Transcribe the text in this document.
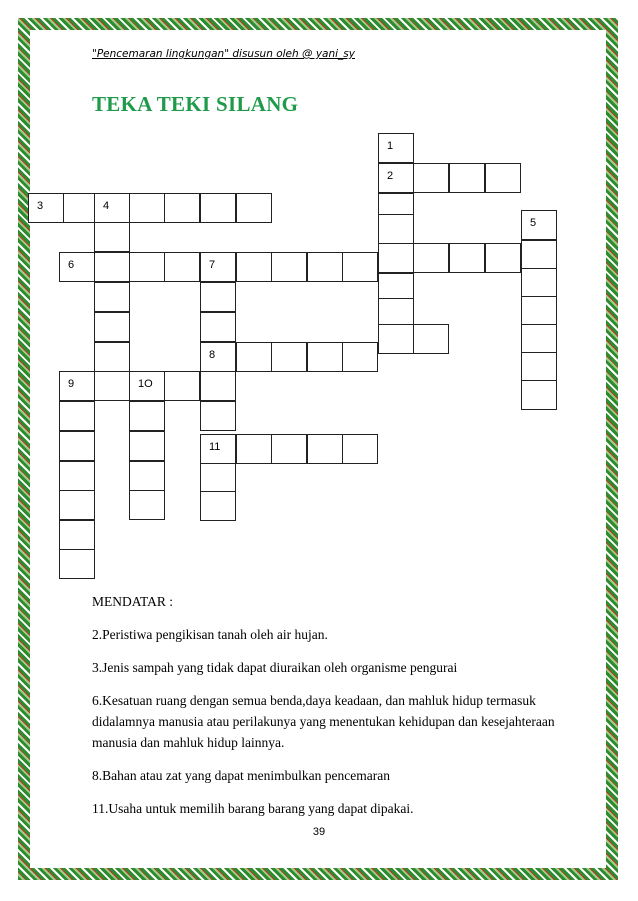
"Pencemaran lingkungan" disusun oleh @ yani_sy
TEKA TEKI SILANG
3	4
6	7
8
9	1O
11
1
2
5

MENDATAR :

2.Peristiwa pengikisan tanah oleh air hujan.

3.Jenis sampah yang tidak dapat diuraikan oleh organisme pengurai

6.Kesatuan ruang dengan semua benda,daya keadaan, dan mahluk hidup termasuk didalamnya manusia atau perilakunya yang menentukan kehidupan dan kesejahteraan manusia dan mahluk hidup lainnya.

8.Bahan atau zat yang dapat menimbulkan pencemaran

11.Usaha untuk memilih barang barang yang dapat dipakai.

39
